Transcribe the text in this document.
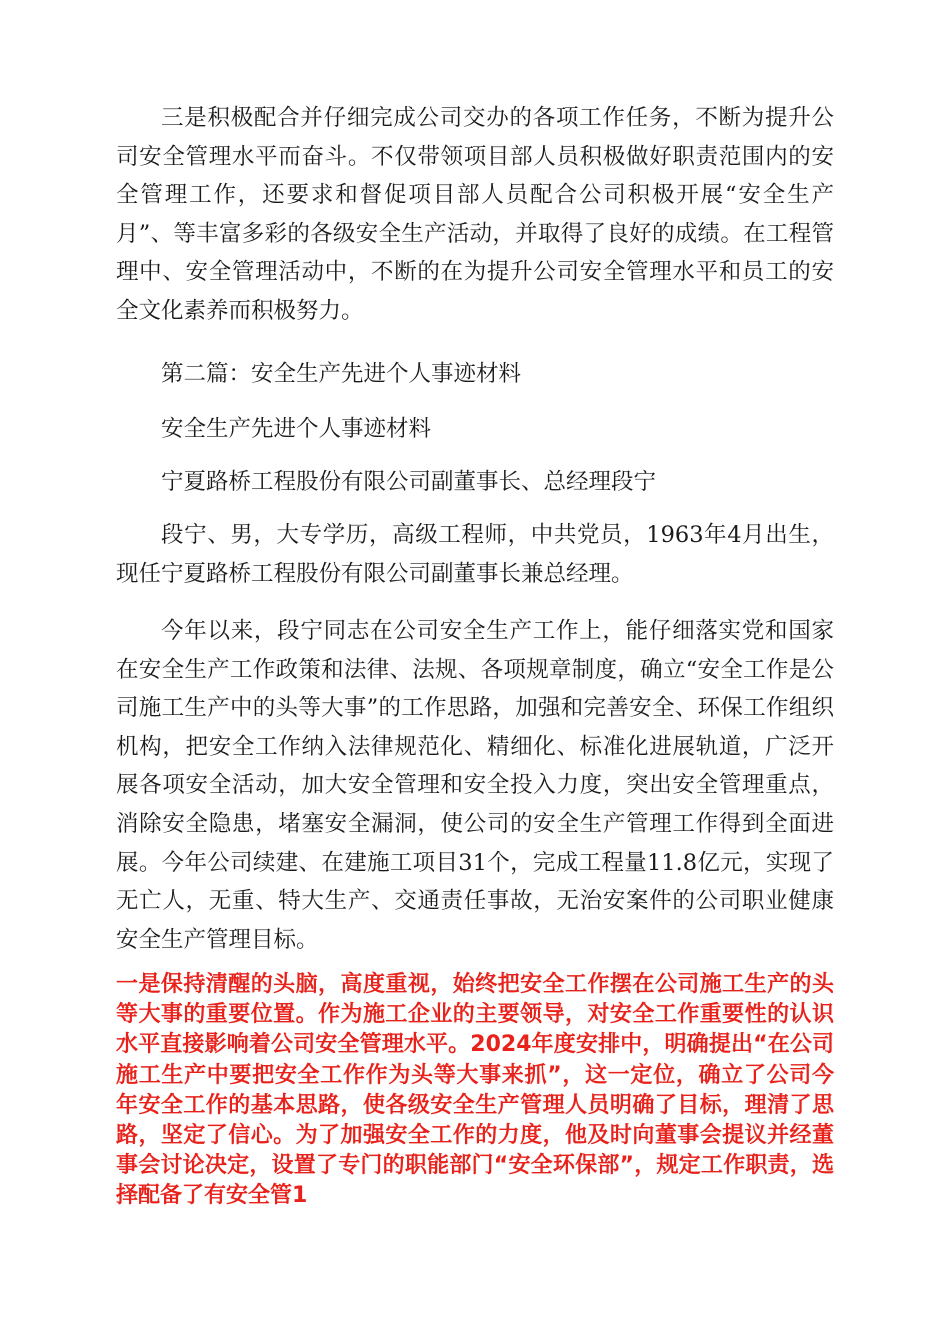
三是积极配合并仔细完成公司交办的各项工作任务，不断为提升公司安全管理水平而奋斗。不仅带领项目部人员积极做好职责范围内的安全管理工作，还要求和督促项目部人员配合公司积极开展“安全生产月”、等丰富多彩的各级安全生产活动，并取得了良好的成绩。在工程管理中、安全管理活动中，不断的在为提升公司安全管理水平和员工的安全文化素养而积极努力。

第二篇：安全生产先进个人事迹材料

安全生产先进个人事迹材料

宁夏路桥工程股份有限公司副董事长、总经理段宁

段宁、男，大专学历，高级工程师，中共党员，1963年4月出生，现任宁夏路桥工程股份有限公司副董事长兼总经理。

今年以来，段宁同志在公司安全生产工作上，能仔细落实党和国家在安全生产工作政策和法律、法规、各项规章制度，确立“安全工作是公司施工生产中的头等大事”的工作思路，加强和完善安全、环保工作组织机构，把安全工作纳入法律规范化、精细化、标准化进展轨道，广泛开展各项安全活动，加大安全管理和安全投入力度，突出安全管理重点，消除安全隐患，堵塞安全漏洞，使公司的安全生产管理工作得到全面进展。今年公司续建、在建施工项目31个，完成工程量11.8亿元，实现了无亡人，无重、特大生产、交通责任事故，无治安案件的公司职业健康安全生产管理目标。

一是保持清醒的头脑，高度重视，始终把安全工作摆在公司施工生产的头等大事的重要位置。作为施工企业的主要领导，对安全工作重要性的认识水平直接影响着公司安全管理水平。2024年度安排中，明确提出“在公司施工生产中要把安全工作作为头等大事来抓”，这一定位，确立了公司今年安全工作的基本思路，使各级安全生产管理人员明确了目标，理清了思路，坚定了信心。为了加强安全工作的力度，他及时向董事会提议并经董事会讨论决定，设置了专门的职能部门“安全环保部”，规定工作职责，选择配备了有安全管1
